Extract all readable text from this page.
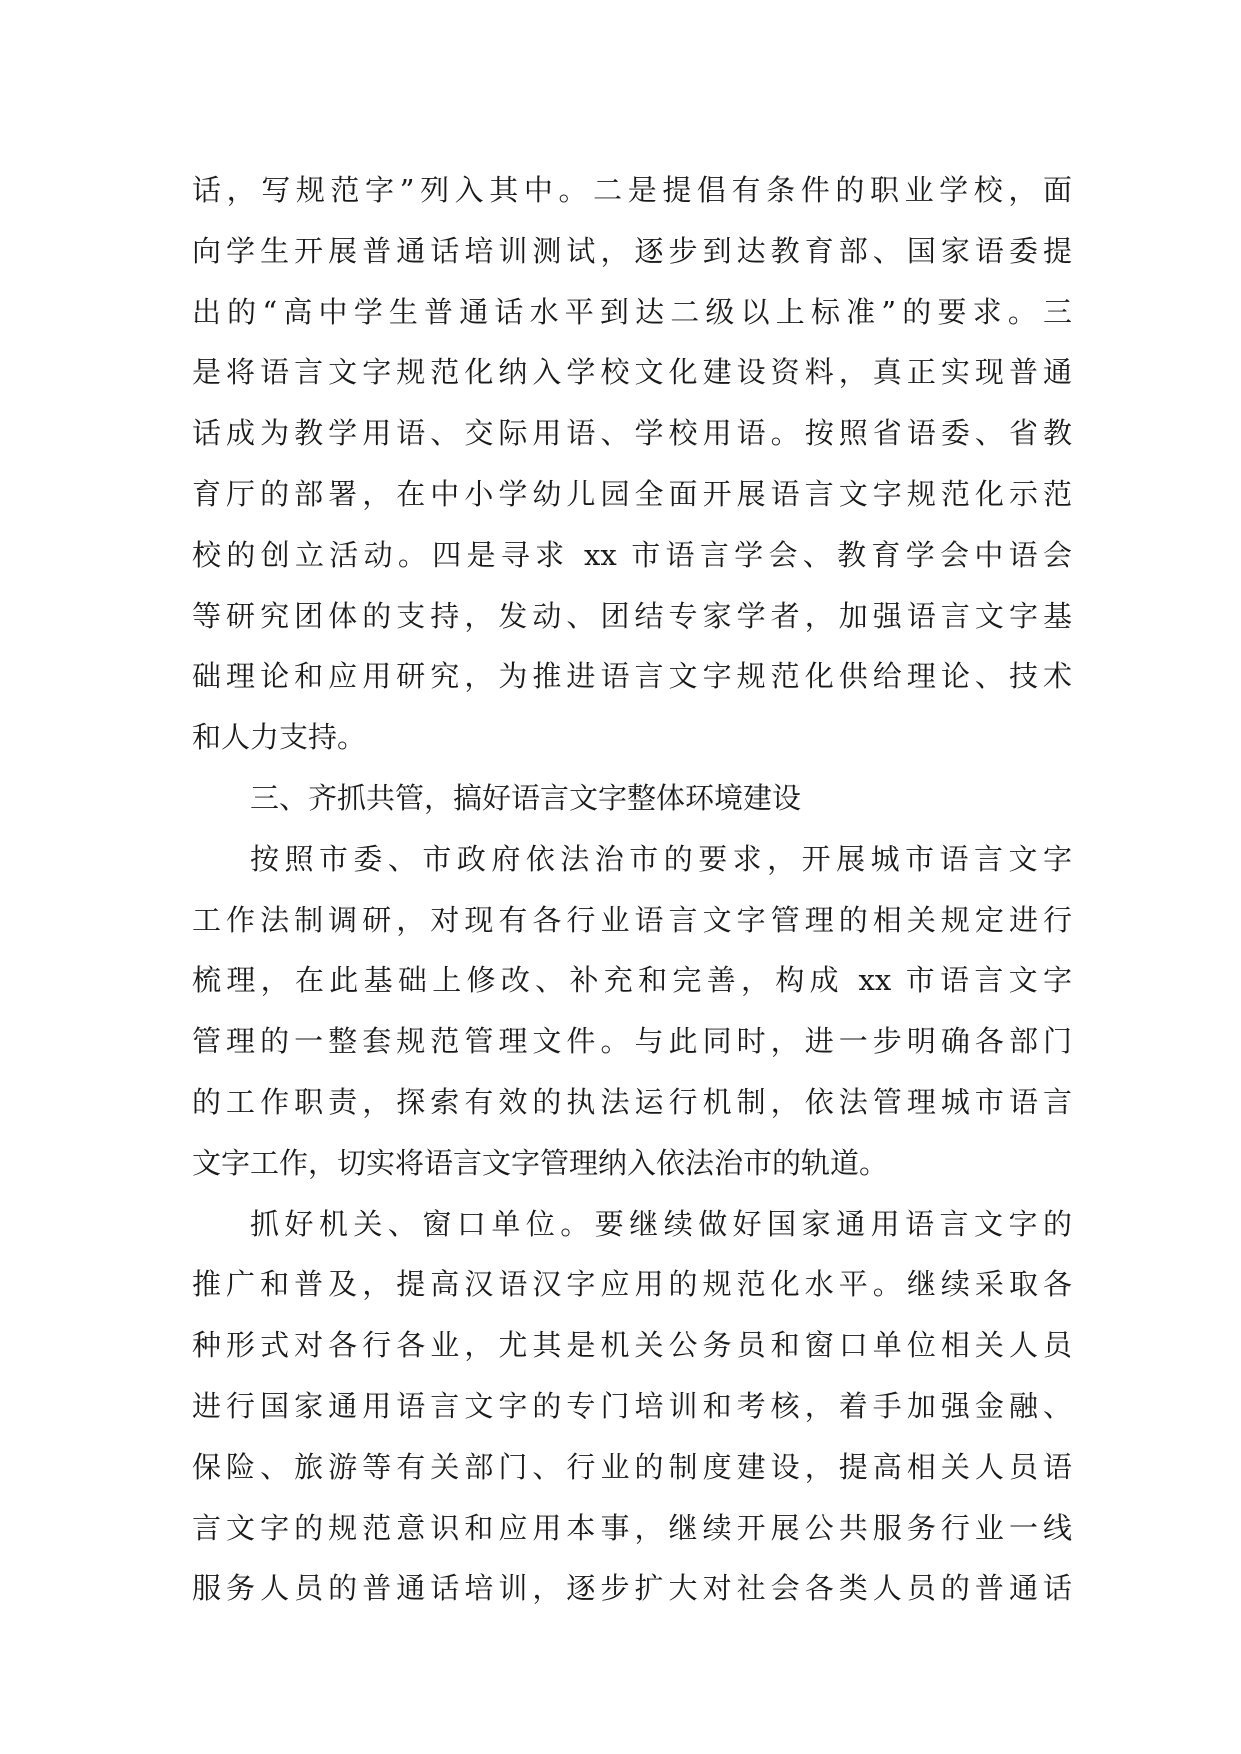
话，写规范字”列入其中。二是提倡有条件的职业学校，面
向学生开展普通话培训测试，逐步到达教育部、国家语委提
出的“高中学生普通话水平到达二级以上标准”的要求。三
是将语言文字规范化纳入学校文化建设资料，真正实现普通
话成为教学用语、交际用语、学校用语。按照省语委、省教
育厅的部署，在中小学幼儿园全面开展语言文字规范化示范
校的创立活动。四是寻求 xx 市语言学会、教育学会中语会
等研究团体的支持，发动、团结专家学者，加强语言文字基
础理论和应用研究，为推进语言文字规范化供给理论、技术
和人力支持。
三、齐抓共管，搞好语言文字整体环境建设
按照市委、市政府依法治市的要求，开展城市语言文字
工作法制调研，对现有各行业语言文字管理的相关规定进行
梳理，在此基础上修改、补充和完善，构成 xx 市语言文字
管理的一整套规范管理文件。与此同时，进一步明确各部门
的工作职责，探索有效的执法运行机制，依法管理城市语言
文字工作，切实将语言文字管理纳入依法治市的轨道。
抓好机关、窗口单位。要继续做好国家通用语言文字的
推广和普及，提高汉语汉字应用的规范化水平。继续采取各
种形式对各行各业，尤其是机关公务员和窗口单位相关人员
进行国家通用语言文字的专门培训和考核，着手加强金融、
保险、旅游等有关部门、行业的制度建设，提高相关人员语
言文字的规范意识和应用本事，继续开展公共服务行业一线
服务人员的普通话培训，逐步扩大对社会各类人员的普通话
